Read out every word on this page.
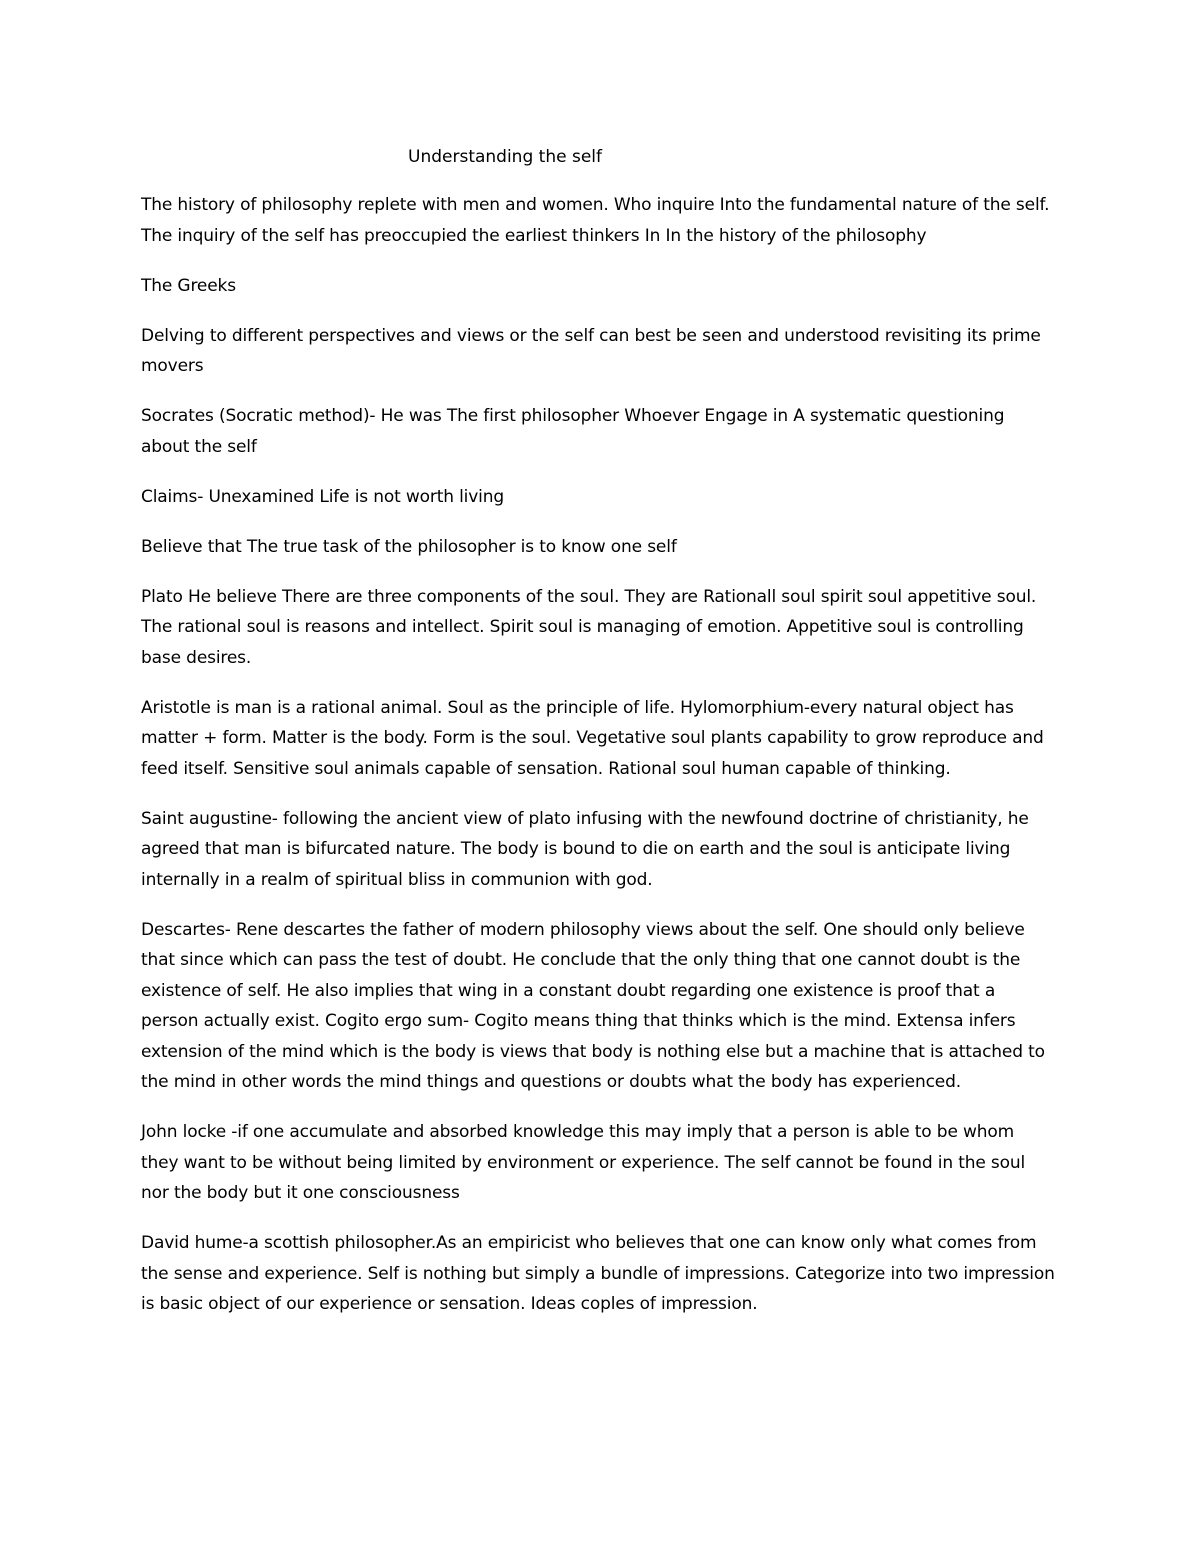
Understanding the self

The history of philosophy replete with men and women. Who inquire Into the fundamental nature of the self. The inquiry of the self has preoccupied the earliest thinkers In In the history of the philosophy

The Greeks

Delving to different perspectives and views or the self can best be seen and understood revisiting its prime movers

Socrates (Socratic method)- He was The first philosopher Whoever Engage in A systematic questioning about the self

Claims- Unexamined Life is not worth living

Believe that The true task of the philosopher is to know one self

Plato He believe There are three components of the soul. They are Rationall soul spirit soul appetitive soul. The rational soul is reasons and intellect. Spirit soul is managing of emotion. Appetitive soul is controlling base desires.

Aristotle is man is a rational animal. Soul as the principle of life. Hylomorphium-every natural object has matter + form. Matter is the body. Form is the soul. Vegetative soul plants capability to grow reproduce and feed itself. Sensitive soul animals capable of sensation. Rational soul human capable of thinking.

Saint augustine- following the ancient view of plato infusing with the newfound doctrine of christianity, he agreed that man is bifurcated nature. The body is bound to die on earth and the soul is anticipate living internally in a realm of spiritual bliss in communion with god.

Descartes- Rene descartes the father of modern philosophy views about the self. One should only believe that since which can pass the test of doubt. He conclude that the only thing that one cannot doubt is the existence of self. He also implies that wing in a constant doubt regarding one existence is proof that a person actually exist. Cogito ergo sum- Cogito means thing that thinks which is the mind. Extensa infers extension of the mind which is the body is views that body is nothing else but a machine that is attached to the mind in other words the mind things and questions or doubts what the body has experienced.

John locke -if one accumulate and absorbed knowledge this may imply that a person is able to be whom they want to be without being limited by environment or experience. The self cannot be found in the soul nor the body but it one consciousness

David hume-a scottish philosopher.As an empiricist who believes that one can know only what comes from the sense and experience. Self is nothing but simply a bundle of impressions. Categorize into two impression is basic object of our experience or sensation. Ideas coples of impression.
